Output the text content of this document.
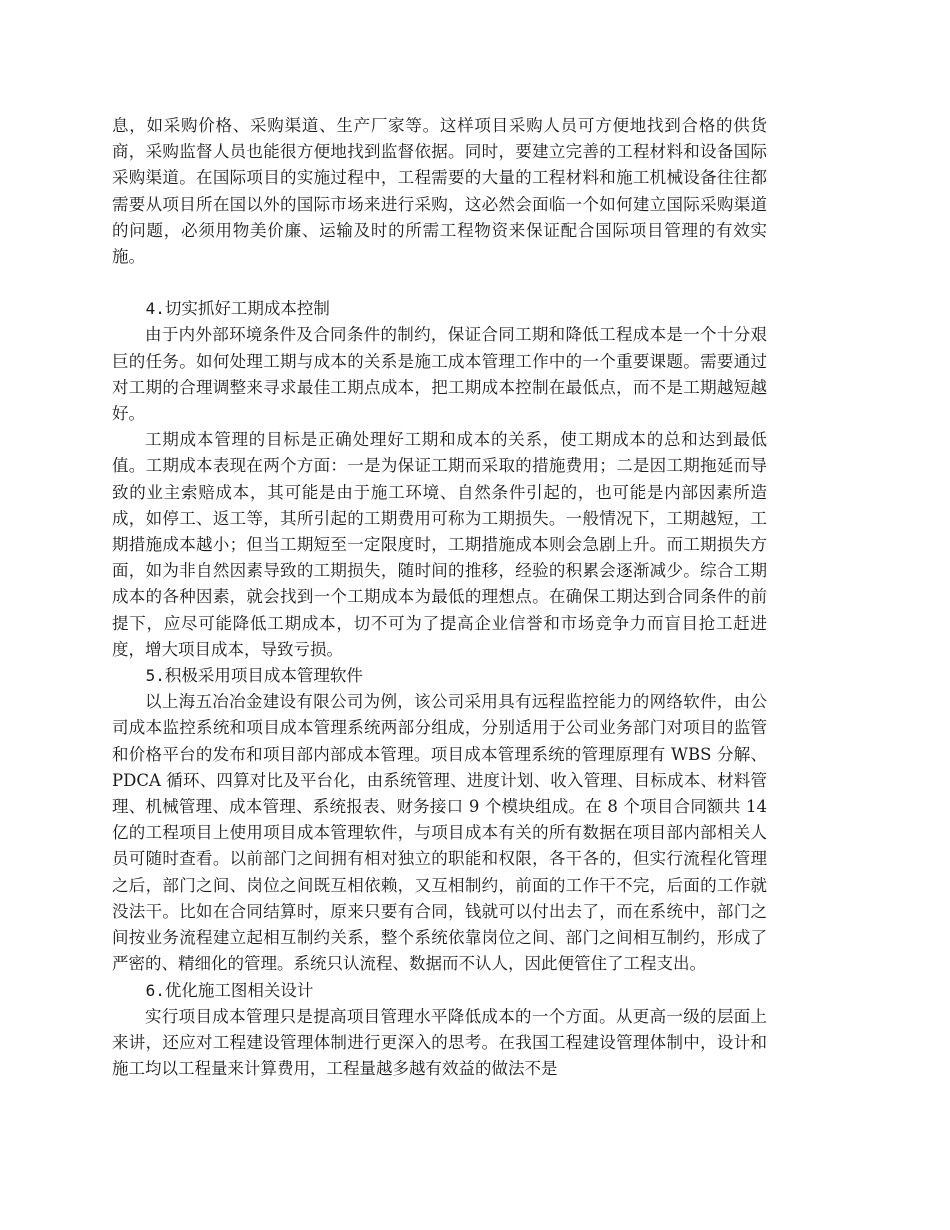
息，如采购价格、采购渠道、生产厂家等。这样项目采购人员可方便地找到合格的供货商，采购监督人员也能很方便地找到监督依据。同时，要建立完善的工程材料和设备国际采购渠道。在国际项目的实施过程中，工程需要的大量的工程材料和施工机械设备往往都需要从项目所在国以外的国际市场来进行采购，这必然会面临一个如何建立国际采购渠道的问题，必须用物美价廉、运输及时的所需工程物资来保证配合国际项目管理的有效实施。

4.切实抓好工期成本控制

由于内外部环境条件及合同条件的制约，保证合同工期和降低工程成本是一个十分艰巨的任务。如何处理工期与成本的关系是施工成本管理工作中的一个重要课题。需要通过对工期的合理调整来寻求最佳工期点成本，把工期成本控制在最低点，而不是工期越短越好。

工期成本管理的目标是正确处理好工期和成本的关系，使工期成本的总和达到最低值。工期成本表现在两个方面：一是为保证工期而采取的措施费用；二是因工期拖延而导致的业主索赔成本，其可能是由于施工环境、自然条件引起的，也可能是内部因素所造成，如停工、返工等，其所引起的工期费用可称为工期损失。一般情况下，工期越短，工期措施成本越小；但当工期短至一定限度时，工期措施成本则会急剧上升。而工期损失方面，如为非自然因素导致的工期损失，随时间的推移，经验的积累会逐渐减少。综合工期成本的各种因素，就会找到一个工期成本为最低的理想点。在确保工期达到合同条件的前提下，应尽可能降低工期成本，切不可为了提高企业信誉和市场竞争力而盲目抢工赶进度，增大项目成本，导致亏损。

5.积极采用项目成本管理软件

以上海五冶冶金建设有限公司为例，该公司采用具有远程监控能力的网络软件，由公司成本监控系统和项目成本管理系统两部分组成，分别适用于公司业务部门对项目的监管和价格平台的发布和项目部内部成本管理。项目成本管理系统的管理原理有 WBS 分解、PDCA 循环、四算对比及平台化，由系统管理、进度计划、收入管理、目标成本、材料管理、机械管理、成本管理、系统报表、财务接口 9 个模块组成。在 8 个项目合同额共 14 亿的工程项目上使用项目成本管理软件，与项目成本有关的所有数据在项目部内部相关人员可随时查看。以前部门之间拥有相对独立的职能和权限，各干各的，但实行流程化管理之后，部门之间、岗位之间既互相依赖，又互相制约，前面的工作干不完，后面的工作就没法干。比如在合同结算时，原来只要有合同，钱就可以付出去了，而在系统中，部门之间按业务流程建立起相互制约关系，整个系统依靠岗位之间、部门之间相互制约，形成了严密的、精细化的管理。系统只认流程、数据而不认人，因此便管住了工程支出。

6.优化施工图相关设计

实行项目成本管理只是提高项目管理水平降低成本的一个方面。从更高一级的层面上来讲，还应对工程建设管理体制进行更深入的思考。在我国工程建设管理体制中，设计和施工均以工程量来计算费用，工程量越多越有效益的做法不是
